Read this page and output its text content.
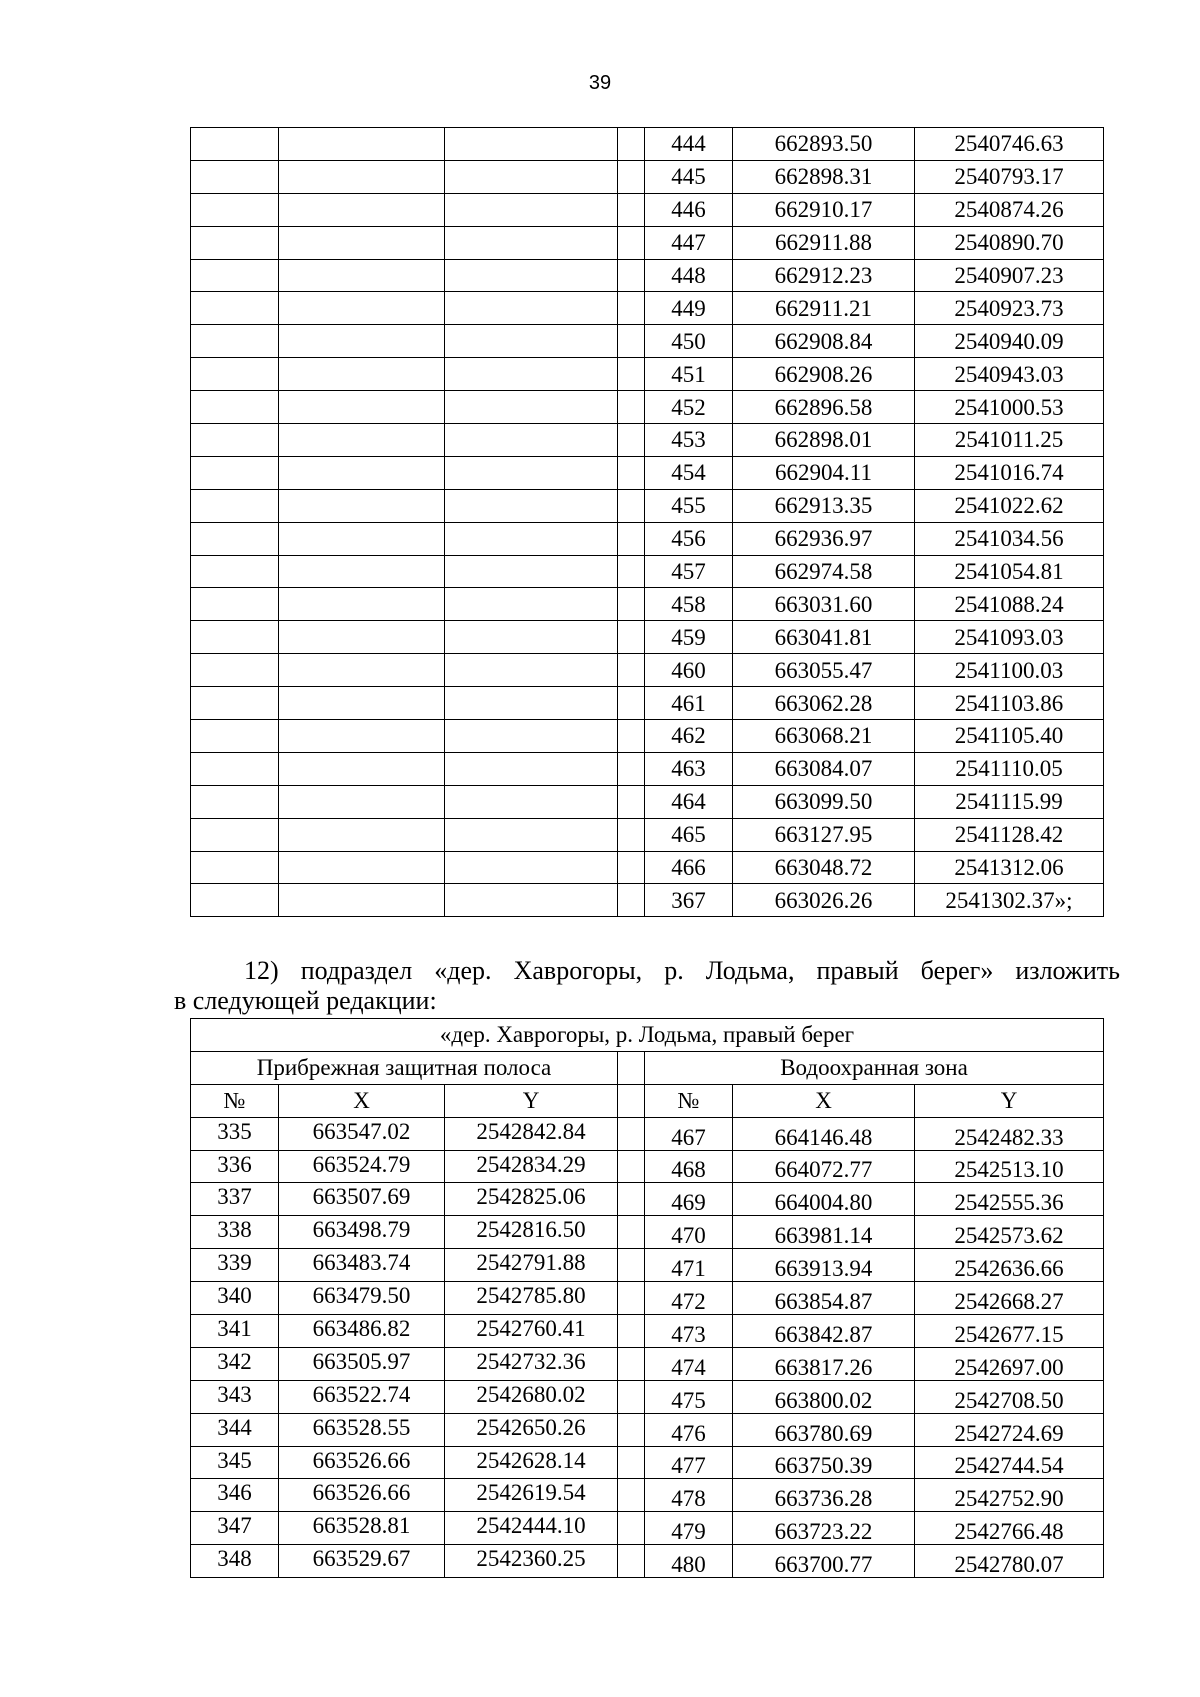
39
				444	662893.50	2540746.63
				445	662898.31	2540793.17
				446	662910.17	2540874.26
				447	662911.88	2540890.70
				448	662912.23	2540907.23
				449	662911.21	2540923.73
				450	662908.84	2540940.09
				451	662908.26	2540943.03
				452	662896.58	2541000.53
				453	662898.01	2541011.25
				454	662904.11	2541016.74
				455	662913.35	2541022.62
				456	662936.97	2541034.56
				457	662974.58	2541054.81
				458	663031.60	2541088.24
				459	663041.81	2541093.03
				460	663055.47	2541100.03
				461	663062.28	2541103.86
				462	663068.21	2541105.40
				463	663084.07	2541110.05
				464	663099.50	2541115.99
				465	663127.95	2541128.42
				466	663048.72	2541312.06
				367	663026.26	2541302.37»;
12) подраздел «дер. Хаврогоры, р. Лодьма, правый берег» изложить
в следующей редакции:
«дер. Хаврогоры, р. Лодьма, правый берег						
Прибрежная защитная полоса				Водоохранная зона		
№	X	Y		№	X	Y
335	663547.02	2542842.84		467	664146.48	2542482.33
336	663524.79	2542834.29		468	664072.77	2542513.10
337	663507.69	2542825.06		469	664004.80	2542555.36
338	663498.79	2542816.50		470	663981.14	2542573.62
339	663483.74	2542791.88		471	663913.94	2542636.66
340	663479.50	2542785.80		472	663854.87	2542668.27
341	663486.82	2542760.41		473	663842.87	2542677.15
342	663505.97	2542732.36		474	663817.26	2542697.00
343	663522.74	2542680.02		475	663800.02	2542708.50
344	663528.55	2542650.26		476	663780.69	2542724.69
345	663526.66	2542628.14		477	663750.39	2542744.54
346	663526.66	2542619.54		478	663736.28	2542752.90
347	663528.81	2542444.10		479	663723.22	2542766.48
348	663529.67	2542360.25		480	663700.77	2542780.07
